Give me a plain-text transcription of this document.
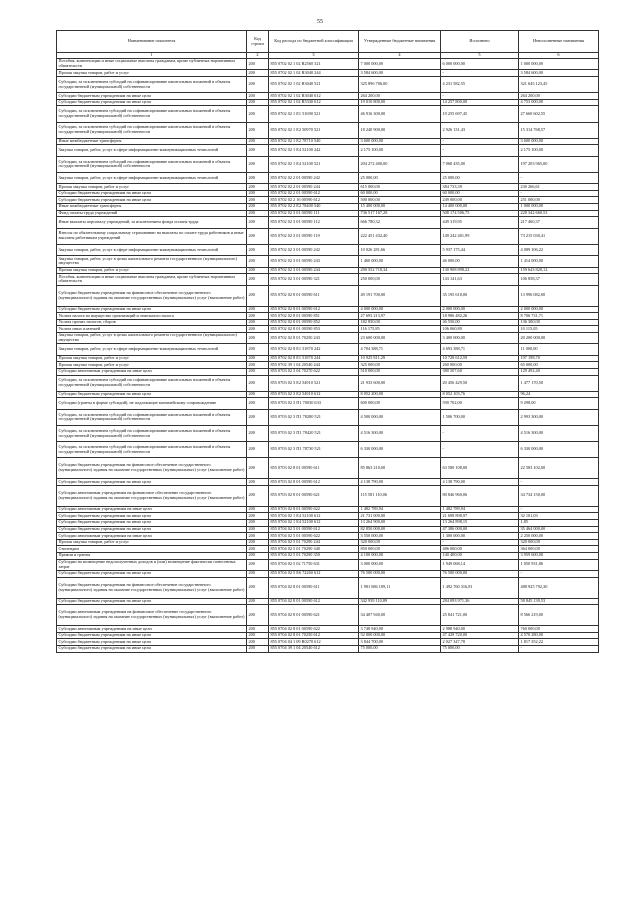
55
Наименование показателя	Код строки	Код расхода по бюджетной классификации	Утвержденные бюджетные назначения	Исполнено	Неисполненные назначения
1	2	3	4	5	6
Пособия, компенсации и иные социальные выплаты гражданам, кроме публичных нормативных обязательств	200	855 0702 02 1 02 R2560 321	7 000 000,00	6 000 000,00	1 000 000,00
Прочая закупка товаров, работ и услуг	200	855 0702 02 1 02 R3040 244	3 584 600,00	-	3 584 600,00
Субсидии, за исключением субсидий на софинансирование капитальных вложений в объекты государственной (муниципальной) собственности	200	855 0702 02 1 02 R3040 521	325 896 706,00	4 231 582,55	321 645 123,45
Субсидии бюджетным учреждениям на иные цели	200	855 0702 02 1 02 R3040 612	264 200,00	-	264 200,00
Субсидии бюджетным учреждениям на иные цели	200	855 0702 02 1 02 R5330 612	19 010 800,00	14 257 800,00	4 753 000,00
Субсидии, за исключением субсидий на софинансирование капитальных вложений в объекты государственной (муниципальной) собственности	200	855 0702 02 1 E1 51690 521	46 916 300,00	19 255 697,45	27 660 602,55
Субсидии, за исключением субсидий на софинансирование капитальных вложений в объекты государственной (муниципальной) собственности	200	855 0702 02 1 E2 50970 521	18 240 900,00	2 926 131,43	15 314 768,57
Иные межбюджетные трансферты	200	855 0702 02 1 E2 78710 540	3 600 000,00	-	3 600 000,00
Закупка товаров, работ, услуг в сфере информационно-коммуникационных технологий	200	855 0702 02 1 E4 52100 242	2 175 100,00	-	2 175 100,00
Субсидии, за исключением субсидий на софинансирование капитальных вложений в объекты государственной (муниципальной) собственности	200	855 0702 02 1 E4 52100 521	204 272 400,00	7 068 435,00	197 203 965,00
Закупка товаров, работ, услуг в сфере информационно-коммуникационных технологий	200	855 0702 02 2 01 00590 242	25 000,00	25 000,00	-
Прочая закупка товаров, работ и услуг	200	855 0702 02 2 01 00590 244	615 000,00	384 733,39	230 266,61
Субсидии бюджетным учреждениям на иные цели	200	855 0702 02 2 01 00590 612	60 000,00	60 000,00	-
Субсидии бюджетным учреждениям на иные цели	200	855 0702 02 2 16 00590 612	500 000,00	249 000,00	251 000,00
Иные межбюджетные трансферты	200	855 0702 02 2 E2 78400 540	15 400 000,00	14 400 000,00	1 000 000,00
Фонд оплаты труда учреждений	200	855 0702 02 3 01 00590 111	736 517 167,28	508 174 506,75	228 342 660,53
Иные выплаты персоналу учреждений, за исключением фонда оплаты труда	200	855 0702 02 3 01 00590 112	666 780,32	449 319,95	217 460,37
Взносы по обязательному социальному страхованию на выплаты по оплате труда работников и иные выплаты работникам учреждений	200	855 0702 02 3 01 00590 119	222 451 432,40	149 242 401,99	73 215 030,41
Закупка товаров, работ, услуг в сфере информационно-коммуникационных технологий	200	855 0702 02 3 01 00590 242	10 026 281,66	5 937 175,44	4 089 106,22
Закупка товаров, работ, услуг в целях капитального ремонта государственного (муниципального) имущества	200	855 0702 02 3 01 00590 243	1 460 000,00	46 000,00	1 414 000,00
Прочая закупка товаров, работ и услуг	200	855 0702 02 3 01 00590 244	290 552 718,34	130 908 898,22	159 643 820,12
Пособия, компенсации и иные социальные выплаты гражданам, кроме публичных нормативных обязательств	200	855 0702 02 3 01 00590 321	250 000,00	143 141,63	106 858,37
Субсидии бюджетным учреждениям на финансовое обеспечение государственного (муниципального) задания на оказание государственных (муниципальных) услуг (выполнение работ)	200	855 0702 02 8 01 00590 611	49 191 700,00	35 195 618,00	13 996 082,00
Субсидии бюджетным учреждениям на иные цели	200	855 0702 02 8 01 00590 612	4 000 000,00	2 000 000,00	2 000 000,00
Уплата налога на имущество организаций и земельного налога	200	855 0702 02 8 01 00590 851	27 693 213,97	18 986 482,26	8 706 731,71
Уплата прочих налогов, сборов	200	855 0702 02 8 01 00590 852	182 850,00	46 550,00	136 300,00
Уплата иных платежей	200	855 0702 02 8 01 00590 853	116 175,85	106 060,80	10 115,05
Закупка товаров, работ, услуг в целях капитального ремонта государственного (муниципального) имущества	200	855 0702 02 8 01 70250 243	23 600 000,00	3 400 000,00	20 200 000,00
Закупка товаров, работ, услуг в сфере информационно-коммуникационных технологий	200	855 0702 02 8 E1 51870 242	4 704 388,71	4 693 388,71	11 000,00
Прочая закупка товаров, работ и услуг	200	855 0702 02 8 E1 51870 244	10 925 811,29	10 728 612,59	197 198,70
Прочая закупка товаров, работ и услуг	200	855 0702 39 1 04 20540 244	325 000,00	260 000,00	65 000,00
Субсидии автономным учреждениям на иные цели	200	855 0703 02 3 04 70270 622	510 000,00	380 507,60	129 492,40
Субсидии, за исключением субсидий на софинансирование капитальных вложений в объекты государственной (муниципальной) собственности	200	855 0703 02 3 E2 54910 521	21 933 600,00	20 456 429,50	1 477 170,50
Субсидии бюджетным учреждениям на иные цели	200	855 0703 02 3 E2 54910 612	8 052 200,00	8 052 103,76	96,24
Субсидии (гранты в форме субсидий), не подлежащие казначейскому сопровождению	200	855 0703 02 3 П1 70030 633	600 000,00	590 702,00	9 298,00
Субсидии, за исключением субсидий на софинансирование капитальных вложений в объекты государственной (муниципальной) собственности	200	855 0703 02 3 П1 78280 521	4 500 000,00	1 506 700,00	2 993 300,00
Субсидии, за исключением субсидий на софинансирование капитальных вложений в объекты государственной (муниципальной) собственности	200	855 0703 02 3 П1 78420 521	4 516 300,00	-	4 516 300,00
Субсидии, за исключением субсидий на софинансирование капитальных вложений в объекты государственной (муниципальной) собственности	200	855 0703 02 3 П1 78730 521	6 330 000,00	-	6 330 000,00
Субсидии бюджетным учреждениям на финансовое обеспечение государственного (муниципального) задания на оказание государственных (муниципальных) услуг (выполнение работ)	200	855 0703 02 8 01 00590 611	85 863 210,00	63 580 108,00	22 583 102,00
Субсидии бюджетным учреждениям на иные цели	200	855 0703 02 8 01 00590 612	4 138 790,00	4 138 790,00	-
Субсидии автономным учреждениям на финансовое обеспечение государственного (муниципального) задания на оказание государственных (муниципальных) услуг (выполнение работ)	200	855 0703 02 8 01 00590 621	115 581 110,06	80 846 960,06	34 734 150,00
Субсидии автономным учреждениям на иные цели	200	855 0703 02 8 01 00590 622	1 482 789,94	1 482 789,94	-
Субсидии бюджетным учреждениям на иные цели	200	855 0704 02 1 E4 52100 612	21 731 000,00	21 698 898,97	32 101,03
Субсидии бюджетным учреждениям на иные цели	200	855 0704 02 1 E4 52100 612	13 264 900,00	13 264 898,15	1,85
Субсидии бюджетным учреждениям на иные цели	200	855 0704 02 5 01 00590 612	82 850 000,00	47 386 000,00	35 464 000,00
Субсидии автономным учреждениям на иные цели	200	855 0704 02 5 01 00590 622	3 550 000,00	1 300 000,00	2 250 000,00
Прочая закупка товаров, работ и услуг	200	855 0704 02 5 01 70290 244	320 000,00	-	320 000,00
Стипендии	200	855 0704 02 5 01 70290 340	850 000,00	486 000,00	364 000,00
Премии и гранты	200	855 0704 02 5 01 70290 350	4 100 000,00	140 400,00	3 959 600,00
Субсидии на возмещение недополученных доходов и (или) возмещение фактически понесенных затрат	200	855 0704 02 5 02 71750 631	3 000 000,00	1 949 068,14	1 050 931,86
Субсидии бюджетным учреждениям на иные цели	200	855 0704 02 5 E6 72260 612	76 500 000,00	76 500 000,00	-
Субсидии бюджетным учреждениям на финансовое обеспечение государственного (муниципального) задания на оказание государственных (муниципальных) услуг (выполнение работ)	200	855 0704 02 8 01 00590 611	1 981 686 109,11	1 492 760 316,81	488 925 792,30
Субсидии бюджетным учреждениям на иные цели	200	855 0704 02 8 01 00590 612	342 939 110,89	284 093 971,36	58 845 139,53
Субсидии автономным учреждениям на финансовое обеспечение государственного (муниципального) задания на оказание государственных (муниципальных) услуг (выполнение работ)	200	855 0704 02 8 01 00590 621	34 407 940,00	25 841 721,00	8 566 219,00
Субсидии автономным учреждениям на иные цели	200	855 0704 02 8 01 00590 622	3 748 940,00	2 988 940,00	760 000,00
Субсидии бюджетным учреждениям на иные цели	200	855 0704 02 8 01 70250 612	52 000 000,00	47 429 720,00	4 570 280,00
Субсидии бюджетным учреждениям на иные цели	200	855 0704 04 1 09 R0270 612	3 844 700,00	2 027 347,78	1 817 352,22
Субсидии бюджетным учреждениям на иные цели	200	855 0704 39 1 04 20540 612	75 000,00	75 000,00	-
